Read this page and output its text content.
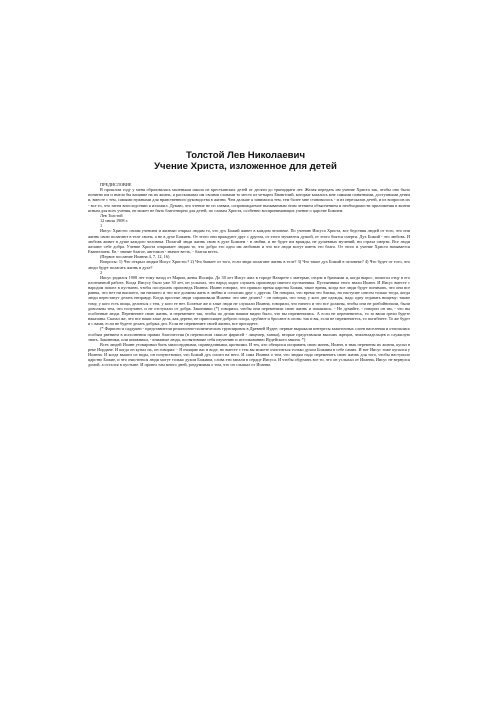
Толстой Лев Николаевич
Учение Христа, изложенное для детей

ПРЕДИСЛОВИЕ

В прошлом году у меня образовалась маленькая школа из крестьянских детей от десяти до тринадцати лет. Желая передать им учение Христа так, чтобы оно было понятно им и имело бы влияние на их жизнь, я рассказывал им своими словами то место из четырех Евангелий, которые казались мне самыми понятными, доступными детям и, вместе с тем, самыми нужными для нравственного руководства в жизни. Чем дальше я занимался тем, тем более мне становилось - и из пересказов детей, и из вопросов их - все то, что затем впоследствии я изложил. Думаю, что чтение не по главам, сопровождаемое вызываемым этим чтением объяснением и необходимости приложения в жизни ясным для всех учения, не может не быть благотворно для детей, по словам Христа, особенно воспринимающих учение о царстве Божием.

Лев Толстой

12 июля 1908 г.

1

Иисус Христос своим учением и жизнью открыл людям то, что дух Божий живет в каждом человеке. По учению Иисуса Христа, все бедствия людей от того, что они жизнь свою полагают в теле своем, а не в духе Божием. От этого они враждуют друг с другом, от этого мучаются душой, от этого боятся смерти. Дух Божий - это любовь. И любовь живет в душе каждого человека. Полагай люди жизнь свою в духе Божием - в любви, и не будет им вражды, не душевных мучений, ни страха смерти. Все люди желают себе добра. Учение Христа открывает людям то, что добро это одно им любовью и что все люди могут иметь это благо. От этого и учение Христа называется Евангелием. Ев - значит благое, ангелион - значит весть, - благая весть.

(Первое послание Иоанна 4, 7, 12, 16)

Вопросы: 1) Что открыл людям Иисус Христос? 2) Что бывает от того, если люди полагают жизнь в теле? 3) Что такое дух Божий в человеке? 4) Что будет от того, что люди будут полагать жизнь в духе?

2

Иисус родился 1908 лет тому назад от Марии, жены Иосифа. До 30 лет Иисус жил в городе Назарете с матерью, отцом и братьями и, когда вырос, помогал отцу в его плотничной работе. Когда Иисусу было уже 30 лет, он услыхал, что народ ходит слушать проповеди святого пустынника. Пустынника этого звали Иоанн. И Иисус вместе с народом пошел в пустыню, чтобы послушать проповедь Иоанна. Иоанн говорил, что пришло время царства Божия, такое время, когда все люди будут понимать, что они все равны, что нет ни высшего, ни низшего и что все должны жить в любви и согласии друг с другом. Он говорил, что время это близко, но наступит совсем только тогда, когда люди перестанут делать неправду. Когда простые люди спрашивали Иоанна: что мне делать? - он говорил, что тому, у кого две одежды, надо одну отдавать нищему; также тому, у кого есть пища, делиться с тем, у кого ее нет. Богатые же и злые люди не слушали Иоанна, говорили, что ничего и что все должны, чтобы они не разбойничали, были довольны тем, что получают, и не отступали от добра. Законники (*) говорили, чтобы они переменили свою жизнь и покаялись. - Не думайте, - говорил он им, - что вы особенные люди. Перемените свою жизнь, и перемените так, чтобы по делам вашим видно было, что вы переменились. А если не переменитесь, то за ваши грехи будете наказаны. Сказал же, что все ваши злые дела, как дерево, не приносящее доброго плода, срубают и бросают в огонь: так и вы, если не переменитесь, то погибнете. То же будет и с вами, если не будете делать добрых дел. Если не перемените своей жизни, все пропадете.

(* Фарисеи и саддукеи - представители религиозно-политических группировок в Древней Иудее; первые выражали интересы зажиточных слоев населения и отличались особым рвением в исполнении правил благочестия (в переносном смысле фарисей - лицемер, ханжа), вторые представляли высших жрецов, землевладельцев и служилую знать. Законники, или книжники, - книжные люди, посвятившие себя изучению и истолкованию Иудейского закона. *)

Всех людей Иоанн утомаривал быть милосердными, справедливыми, кроткими. И тех, кто обещался исправить свою жизнь, Иоанн, в знак перемены их жизни, купал в реке Иордане. И когда он купал их, он говорил: - Я очищаю вас в воде, но вместе с тем вы можете очиститься только духом Божиим в себе самих. И вот Иисус тоже купался у Иоанна. И когда вышел из воды, он почувствовал, что Божий дух сошел на него. И сама Иоанна о том, что людям надо переменить свою жизнь для того, чтобы наступило царство Божие, и что очиститься люди могут только духом Божиим, слова эти запали в сердце Иисуса. И чтобы обдумать все то, что он услыхал от Иоанна, Иисус не вернулся домой, а остался в пустыне. И провел там много дней, раздумывая о том, что он слышал от Иоанна.
